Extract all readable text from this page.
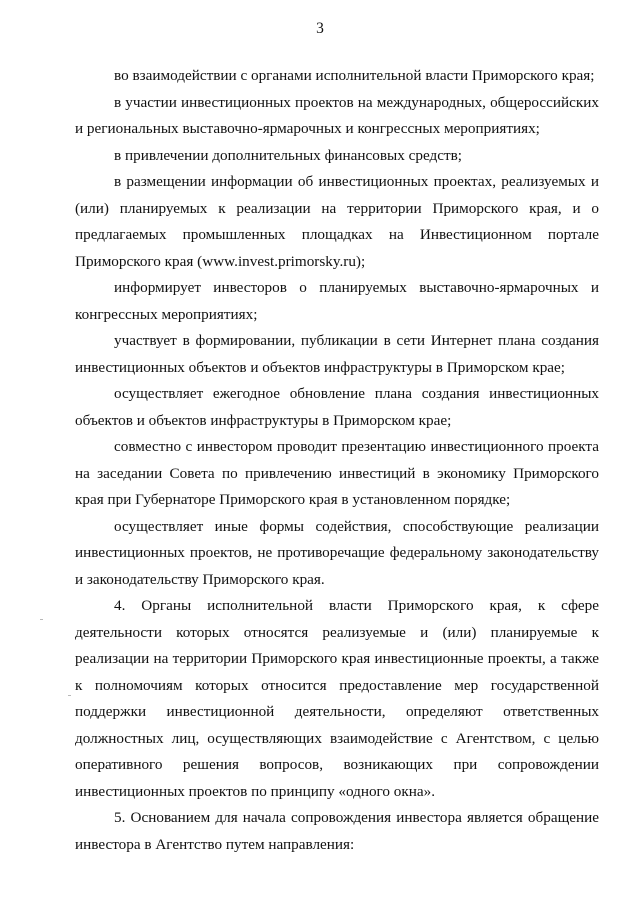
3

во взаимодействии с органами исполнительной власти Приморского края;

в участии инвестиционных проектов на международных, общероссийских и региональных выставочно-ярмарочных и конгрессных мероприятиях;

в привлечении дополнительных финансовых средств;

в размещении информации об инвестиционных проектах, реализуемых и (или) планируемых к реализации на территории Приморского края, и о предлагаемых промышленных площадках на Инвестиционном портале Приморского края (www.invest.primorsky.ru);

информирует инвесторов о планируемых выставочно-ярмарочных и конгрессных мероприятиях;

участвует в формировании, публикации в сети Интернет плана создания инвестиционных объектов и объектов инфраструктуры в Приморском крае;

осуществляет ежегодное обновление плана создания инвестиционных объектов и объектов инфраструктуры в Приморском крае;

совместно с инвестором проводит презентацию инвестиционного проекта на заседании Совета по привлечению инвестиций в экономику Приморского края при Губернаторе Приморского края в установленном порядке;

осуществляет иные формы содействия, способствующие реализации инвестиционных проектов, не противоречащие федеральному законодательству и законодательству Приморского края.

4. Органы исполнительной власти Приморского края, к сфере деятельности которых относятся реализуемые и (или) планируемые к реализации на территории Приморского края инвестиционные проекты, а также к полномочиям которых относится предоставление мер государственной поддержки инвестиционной деятельности, определяют ответственных должностных лиц, осуществляющих взаимодействие с Агентством, с целью оперативного решения вопросов, возникающих при сопровождении инвестиционных проектов по принципу «одного окна».

5. Основанием для начала сопровождения инвестора является обращение инвестора в Агентство путем направления:
